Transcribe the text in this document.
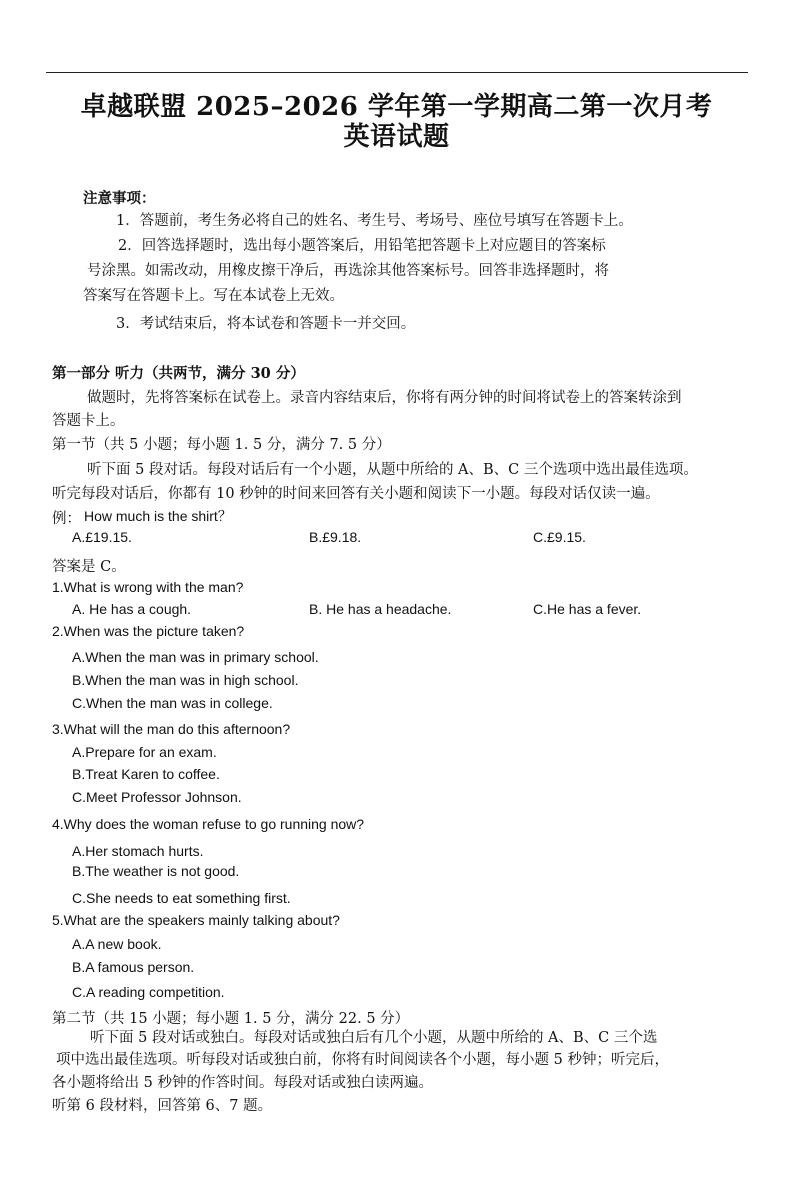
卓越联盟 2025–2026 学年第一学期高二第一次月考
英语试题
注意事项：
1．答题前，考生务必将自己的姓名、考生号、考场号、座位号填写在答题卡上。
2．回答选择题时，选出每小题答案后，用铅笔把答题卡上对应题目的答案标
号涂黑。如需改动，用橡皮擦干净后，再选涂其他答案标号。回答非选择题时，将
答案写在答题卡上。写在本试卷上无效。
3．考试结束后，将本试卷和答题卡一并交回。
第一部分 听力（共两节，满分 30 分）
做题时，先将答案标在试卷上。录音内容结束后，你将有两分钟的时间将试卷上的答案转涂到
答题卡上。
第一节（共 5 小题；每小题 1. 5 分，满分 7. 5 分）
听下面 5 段对话。每段对话后有一个小题，从题中所给的 A、B、C 三个选项中选出最佳选项。
听完每段对话后，你都有 10 秒钟的时间来回答有关小题和阅读下一小题。每段对话仅读一遍。
例： How much is the shirt？
A.£19.15.	B.£9.18.	C.£9.15.
答案是 C。
1.What is wrong with the man?
A. He has a cough.	B. He has a headache.	C.He has a fever.
2.When was the picture taken?
A.When the man was in primary school.
B.When the man was in high school.
C.When the man was in college.
3.What will the man do this afternoon?
A.Prepare for an exam.
B.Treat Karen to coffee.
C.Meet Professor Johnson.
4.Why does the woman refuse to go running now?
A.Her stomach hurts.
B.The weather is not good.
C.She needs to eat something first.
5.What are the speakers mainly talking about?
A.A new book.
B.A famous person.
C.A reading competition.
第二节（共 15 小题；每小题 1. 5 分，满分 22. 5 分）
听下面 5 段对话或独白。每段对话或独白后有几个小题，从题中所给的 A、B、C 三个选
项中选出最佳选项。听每段对话或独白前，你将有时间阅读各个小题，每小题 5 秒钟；听完后，
各小题将给出 5 秒钟的作答时间。每段对话或独白读两遍。
听第 6 段材料，回答第 6、7 题。
